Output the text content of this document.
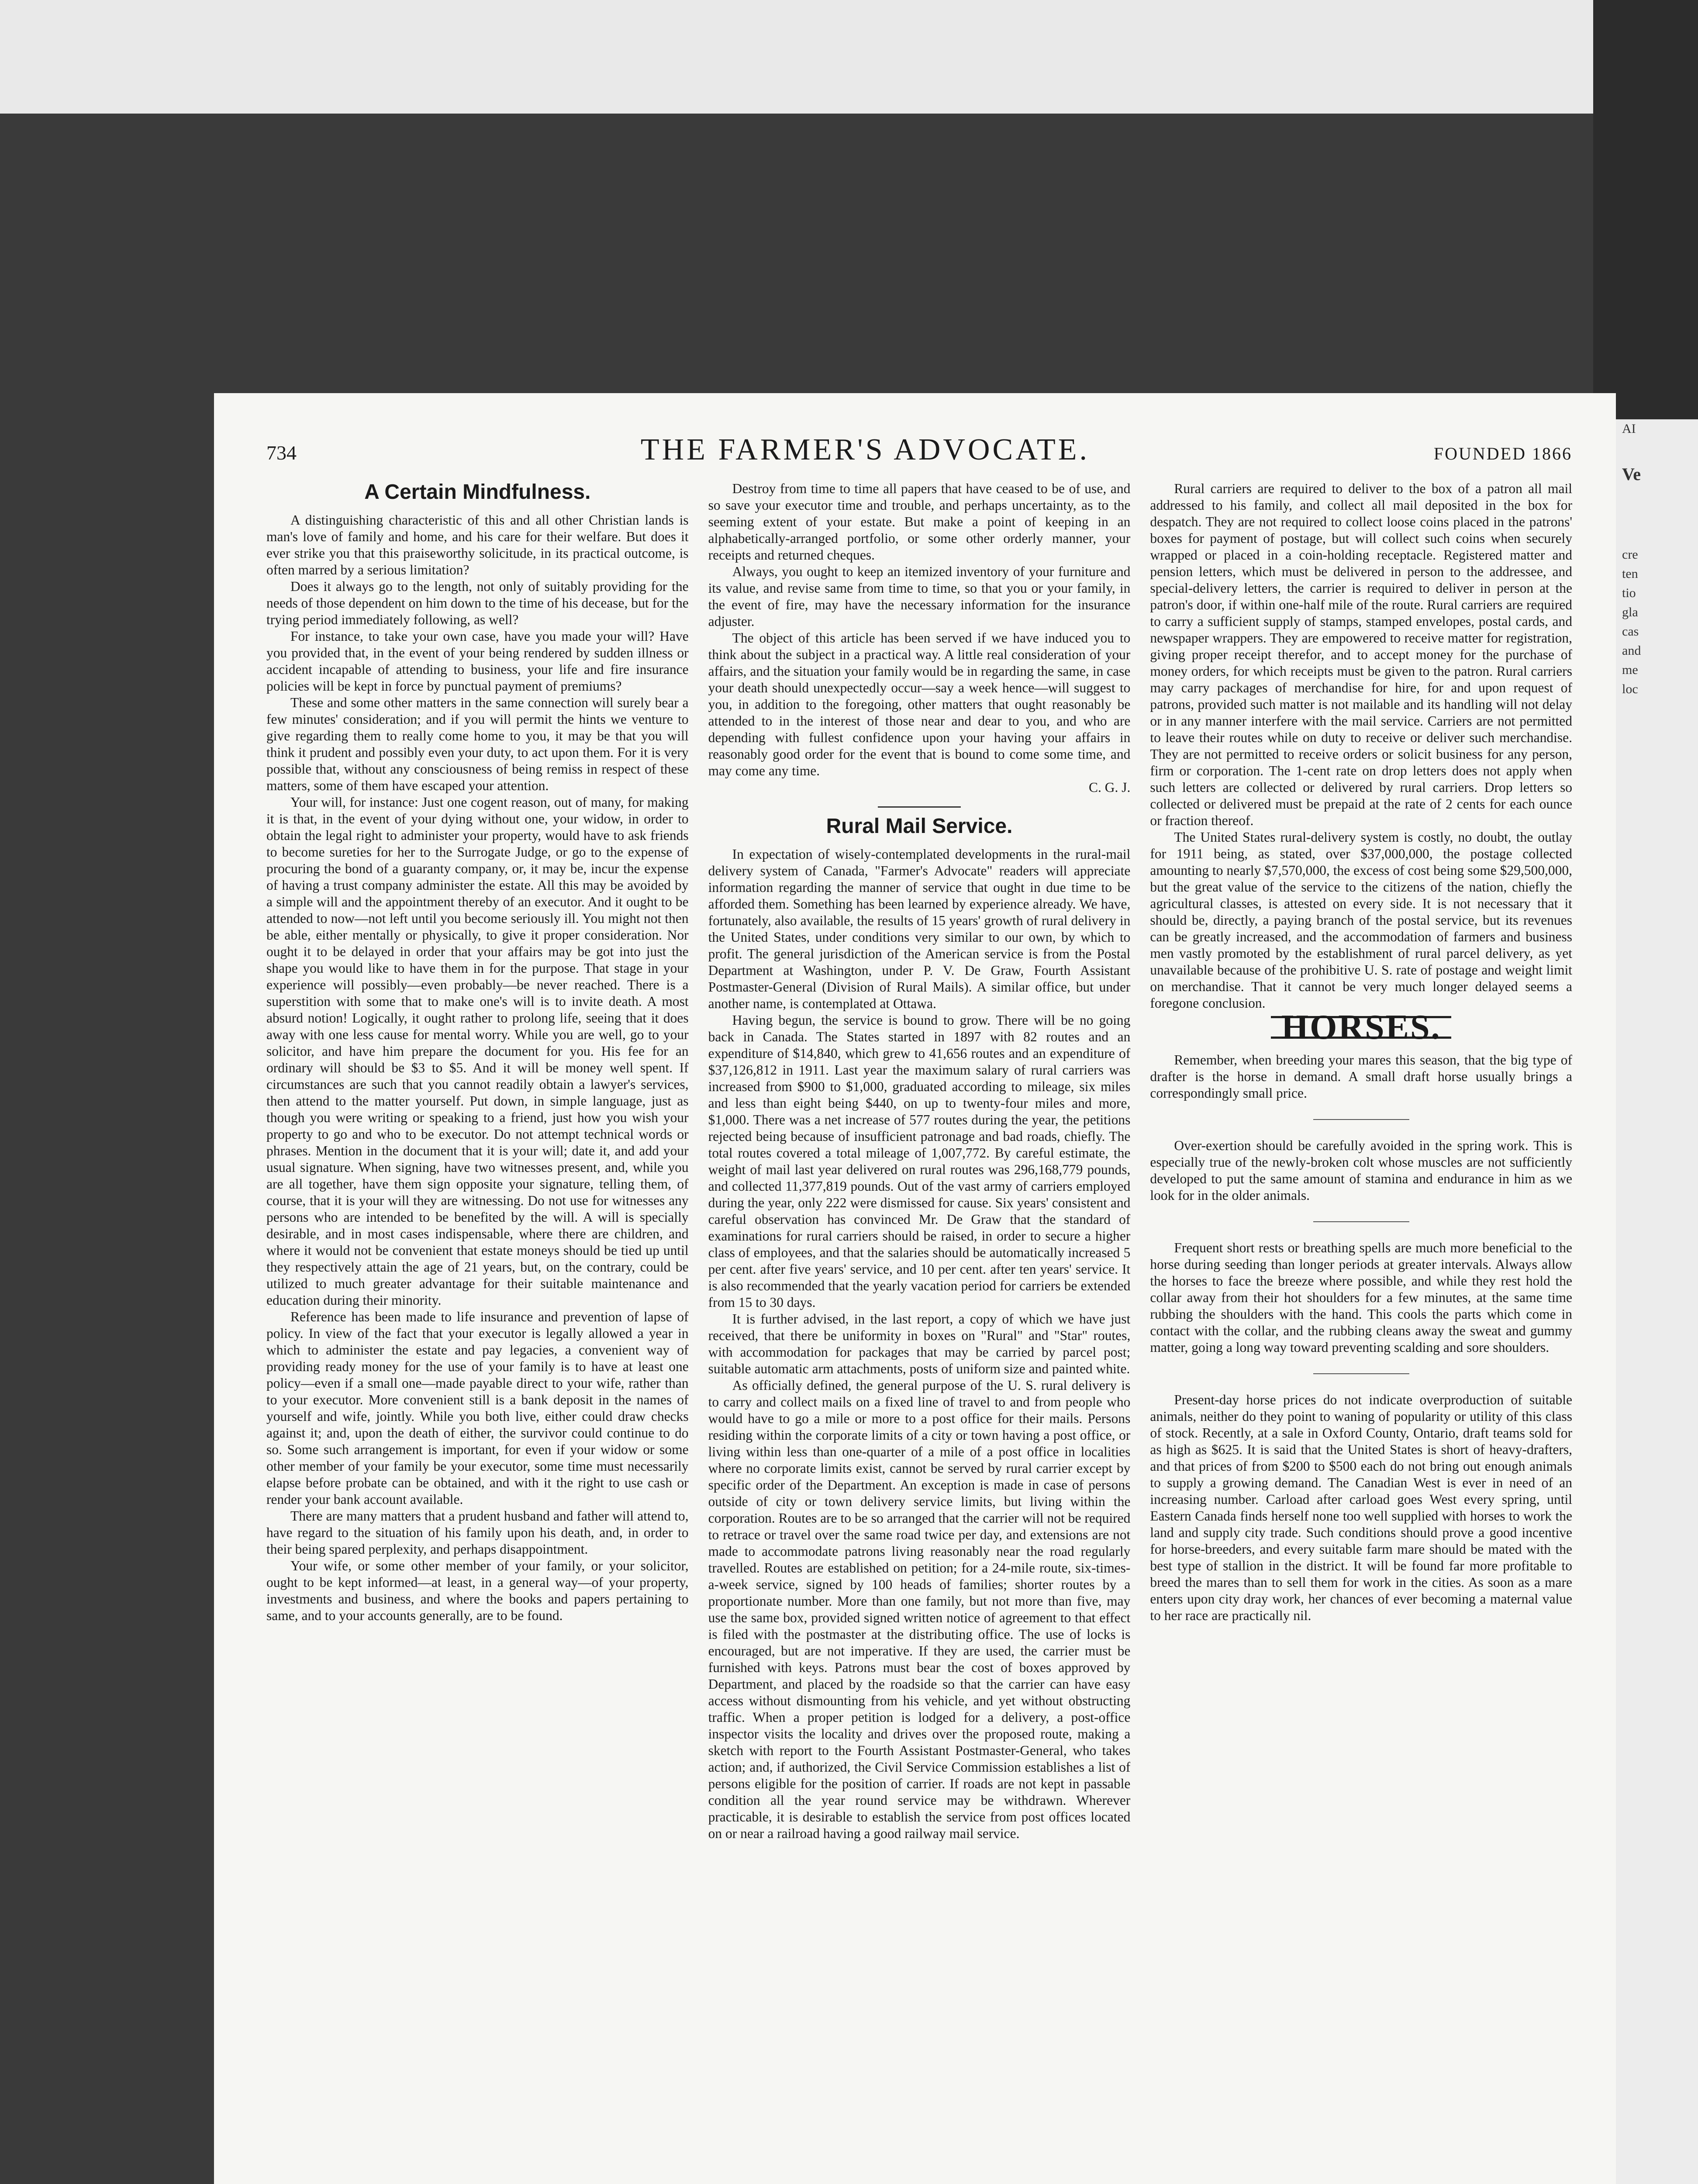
AI
Ve
cre
ten
tio
gla
cas
and
me
loc
734	THE FARMER'S ADVOCATE.	FOUNDED 1866
A Certain Mindfulness.

A distinguishing characteristic of this and all other Christian lands is man's love of family and home, and his care for their welfare. But does it ever strike you that this praiseworthy solicitude, in its practical outcome, is often marred by a serious limitation?

Does it always go to the length, not only of suitably providing for the needs of those dependent on him down to the time of his decease, but for the trying period immediately following, as well?

For instance, to take your own case, have you made your will? Have you provided that, in the event of your being rendered by sudden illness or accident incapable of attending to business, your life and fire insurance policies will be kept in force by punctual payment of premiums?

These and some other matters in the same connection will surely bear a few minutes' consideration; and if you will permit the hints we venture to give regarding them to really come home to you, it may be that you will think it prudent and possibly even your duty, to act upon them. For it is very possible that, without any consciousness of being remiss in respect of these matters, some of them have escaped your attention.

Your will, for instance: Just one cogent reason, out of many, for making it is that, in the event of your dying without one, your widow, in order to obtain the legal right to administer your property, would have to ask friends to become sureties for her to the Surrogate Judge, or go to the expense of procuring the bond of a guaranty company, or, it may be, incur the expense of having a trust company administer the estate. All this may be avoided by a simple will and the appointment thereby of an executor. And it ought to be attended to now—not left until you become seriously ill. You might not then be able, either mentally or physically, to give it proper consideration. Nor ought it to be delayed in order that your affairs may be got into just the shape you would like to have them in for the purpose. That stage in your experience will possibly—even probably—be never reached. There is a superstition with some that to make one's will is to invite death. A most absurd notion! Logically, it ought rather to prolong life, seeing that it does away with one less cause for mental worry. While you are well, go to your solicitor, and have him prepare the document for you. His fee for an ordinary will should be $3 to $5. And it will be money well spent. If circumstances are such that you cannot readily obtain a lawyer's services, then attend to the matter yourself. Put down, in simple language, just as though you were writing or speaking to a friend, just how you wish your property to go and who to be executor. Do not attempt technical words or phrases. Mention in the document that it is your will; date it, and add your usual signature. When signing, have two witnesses present, and, while you are all together, have them sign opposite your signature, telling them, of course, that it is your will they are witnessing. Do not use for witnesses any persons who are intended to be benefited by the will. A will is specially desirable, and in most cases indispensable, where there are children, and where it would not be convenient that estate moneys should be tied up until they respectively attain the age of 21 years, but, on the contrary, could be utilized to much greater advantage for their suitable maintenance and education during their minority.

Reference has been made to life insurance and prevention of lapse of policy. In view of the fact that your executor is legally allowed a year in which to administer the estate and pay legacies, a convenient way of providing ready money for the use of your family is to have at least one policy—even if a small one—made payable direct to your wife, rather than to your executor. More convenient still is a bank deposit in the names of yourself and wife, jointly. While you both live, either could draw checks against it; and, upon the death of either, the survivor could continue to do so. Some such arrangement is important, for even if your widow or some other member of your family be your executor, some time must necessarily elapse before probate can be obtained, and with it the right to use cash or render your bank account available.

There are many matters that a prudent husband and father will attend to, have regard to the situation of his family upon his death, and, in order to their being spared perplexity, and perhaps disappointment.

Your wife, or some other member of your family, or your solicitor, ought to be kept informed—at least, in a general way—of your property, investments and business, and where the books and papers pertaining to same, and to your accounts generally, are to be found.

Destroy from time to time all papers that have ceased to be of use, and so save your executor time and trouble, and perhaps uncertainty, as to the seeming extent of your estate. But make a point of keeping in an alphabetically-arranged portfolio, or some other orderly manner, your receipts and returned cheques.

Always, you ought to keep an itemized inventory of your furniture and its value, and revise same from time to time, so that you or your family, in the event of fire, may have the necessary information for the insurance adjuster.

The object of this article has been served if we have induced you to think about the subject in a practical way. A little real consideration of your affairs, and the situation your family would be in regarding the same, in case your death should unexpectedly occur—say a week hence—will suggest to you, in addition to the foregoing, other matters that ought reasonably be attended to in the interest of those near and dear to you, and who are depending with fullest confidence upon your having your affairs in reasonably good order for the event that is bound to come some time, and may come any time.

C. G. J.

Rural Mail Service.

In expectation of wisely-contemplated developments in the rural-mail delivery system of Canada, "Farmer's Advocate" readers will appreciate information regarding the manner of service that ought in due time to be afforded them. Something has been learned by experience already. We have, fortunately, also available, the results of 15 years' growth of rural delivery in the United States, under conditions very similar to our own, by which to profit. The general jurisdiction of the American service is from the Postal Department at Washington, under P. V. De Graw, Fourth Assistant Postmaster-General (Division of Rural Mails). A similar office, but under another name, is contemplated at Ottawa.

Having begun, the service is bound to grow. There will be no going back in Canada. The States started in 1897 with 82 routes and an expenditure of $14,840, which grew to 41,656 routes and an expenditure of $37,126,812 in 1911. Last year the maximum salary of rural carriers was increased from $900 to $1,000, graduated according to mileage, six miles and less than eight being $440, on up to twenty-four miles and more, $1,000. There was a net increase of 577 routes during the year, the petitions rejected being because of insufficient patronage and bad roads, chiefly. The total routes covered a total mileage of 1,007,772. By careful estimate, the weight of mail last year delivered on rural routes was 296,168,779 pounds, and collected 11,377,819 pounds. Out of the vast army of carriers employed during the year, only 222 were dismissed for cause. Six years' consistent and careful observation has convinced Mr. De Graw that the standard of examinations for rural carriers should be raised, in order to secure a higher class of employees, and that the salaries should be automatically increased 5 per cent. after five years' service, and 10 per cent. after ten years' service. It is also recommended that the yearly vacation period for carriers be extended from 15 to 30 days.

It is further advised, in the last report, a copy of which we have just received, that there be uniformity in boxes on "Rural" and "Star" routes, with accommodation for packages that may be carried by parcel post; suitable automatic arm attachments, posts of uniform size and painted white.

As officially defined, the general purpose of the U. S. rural delivery is to carry and collect mails on a fixed line of travel to and from people who would have to go a mile or more to a post office for their mails. Persons residing within the corporate limits of a city or town having a post office, or living within less than one-quarter of a mile of a post office in localities where no corporate limits exist, cannot be served by rural carrier except by specific order of the Department. An exception is made in case of persons outside of city or town delivery service limits, but living within the corporation. Routes are to be so arranged that the carrier will not be required to retrace or travel over the same road twice per day, and extensions are not made to accommodate patrons living reasonably near the road regularly travelled. Routes are established on petition; for a 24-mile route, six-times-a-week service, signed by 100 heads of families; shorter routes by a proportionate number. More than one family, but not more than five, may use the same box, provided signed written notice of agreement to that effect is filed with the postmaster at the distributing office. The use of locks is encouraged, but are not imperative. If they are used, the carrier must be furnished with keys. Patrons must bear the cost of boxes approved by Department, and placed by the roadside so that the carrier can have easy access without dismounting from his vehicle, and yet without obstructing traffic. When a proper petition is lodged for a delivery, a post-office inspector visits the locality and drives over the proposed route, making a sketch with report to the Fourth Assistant Postmaster-General, who takes action; and, if authorized, the Civil Service Commission establishes a list of persons eligible for the position of carrier. If roads are not kept in passable condition all the year round service may be withdrawn. Wherever practicable, it is desirable to establish the service from post offices located on or near a railroad having a good railway mail service.

Rural carriers are required to deliver to the box of a patron all mail addressed to his family, and collect all mail deposited in the box for despatch. They are not required to collect loose coins placed in the patrons' boxes for payment of postage, but will collect such coins when securely wrapped or placed in a coin-holding receptacle. Registered matter and pension letters, which must be delivered in person to the addressee, and special-delivery letters, the carrier is required to deliver in person at the patron's door, if within one-half mile of the route. Rural carriers are required to carry a sufficient supply of stamps, stamped envelopes, postal cards, and newspaper wrappers. They are empowered to receive matter for registration, giving proper receipt therefor, and to accept money for the purchase of money orders, for which receipts must be given to the patron. Rural carriers may carry packages of merchandise for hire, for and upon request of patrons, provided such matter is not mailable and its handling will not delay or in any manner interfere with the mail service. Carriers are not permitted to leave their routes while on duty to receive or deliver such merchandise. They are not permitted to receive orders or solicit business for any person, firm or corporation. The 1-cent rate on drop letters does not apply when such letters are collected or delivered by rural carriers. Drop letters so collected or delivered must be prepaid at the rate of 2 cents for each ounce or fraction thereof.

The United States rural-delivery system is costly, no doubt, the outlay for 1911 being, as stated, over $37,000,000, the postage collected amounting to nearly $7,570,000, the excess of cost being some $29,500,000, but the great value of the service to the citizens of the nation, chiefly the agricultural classes, is attested on every side. It is not necessary that it should be, directly, a paying branch of the postal service, but its revenues can be greatly increased, and the accommodation of farmers and business men vastly promoted by the establishment of rural parcel delivery, as yet unavailable because of the prohibitive U. S. rate of postage and weight limit on merchandise. That it cannot be very much longer delayed seems a foregone conclusion.

HORSES.

Remember, when breeding your mares this season, that the big type of drafter is the horse in demand. A small draft horse usually brings a correspondingly small price.

Over-exertion should be carefully avoided in the spring work. This is especially true of the newly-broken colt whose muscles are not sufficiently developed to put the same amount of stamina and endurance in him as we look for in the older animals.

Frequent short rests or breathing spells are much more beneficial to the horse during seeding than longer periods at greater intervals. Always allow the horses to face the breeze where possible, and while they rest hold the collar away from their hot shoulders for a few minutes, at the same time rubbing the shoulders with the hand. This cools the parts which come in contact with the collar, and the rubbing cleans away the sweat and gummy matter, going a long way toward preventing scalding and sore shoulders.

Present-day horse prices do not indicate overproduction of suitable animals, neither do they point to waning of popularity or utility of this class of stock. Recently, at a sale in Oxford County, Ontario, draft teams sold for as high as $625. It is said that the United States is short of heavy-drafters, and that prices of from $200 to $500 each do not bring out enough animals to supply a growing demand. The Canadian West is ever in need of an increasing number. Carload after carload goes West every spring, until Eastern Canada finds herself none too well supplied with horses to work the land and supply city trade. Such conditions should prove a good incentive for horse-breeders, and every suitable farm mare should be mated with the best type of stallion in the district. It will be found far more profitable to breed the mares than to sell them for work in the cities. As soon as a mare enters upon city dray work, her chances of ever becoming a maternal value to her race are practically nil.
